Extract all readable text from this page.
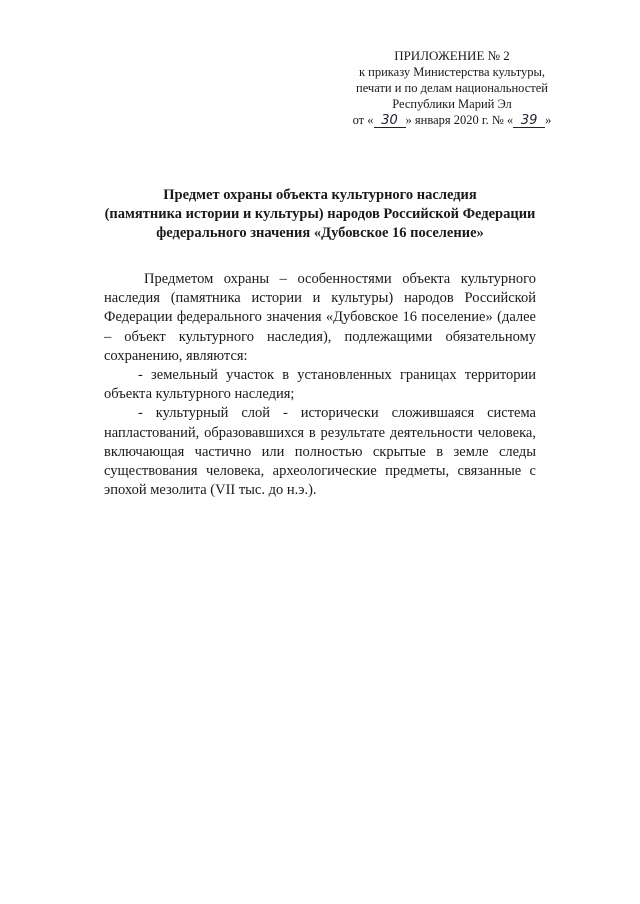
ПРИЛОЖЕНИЕ № 2
к приказу Министерства культуры,
печати и по делам национальностей
Республики Марий Эл
от « 30 » января 2020 г. № « 39 »
Предмет охраны объекта культурного наследия
(памятника истории и культуры) народов Российской Федерации
федерального значения «Дубовское 16 поселение»

Предметом охраны – особенностями объекта культурного наследия (памятника истории и культуры) народов Российской Федерации федерального значения «Дубовское 16 поселение» (далее – объект культурного наследия), подлежащими обязательному сохранению, являются:

- земельный участок в установленных границах территории объекта культурного наследия;

- культурный слой - исторически сложившаяся система напластований, образовавшихся в результате деятельности человека, включающая частично или полностью скрытые в земле следы существования человека, археологические предметы, связанные с эпохой мезолита (VII тыс. до н.э.).
